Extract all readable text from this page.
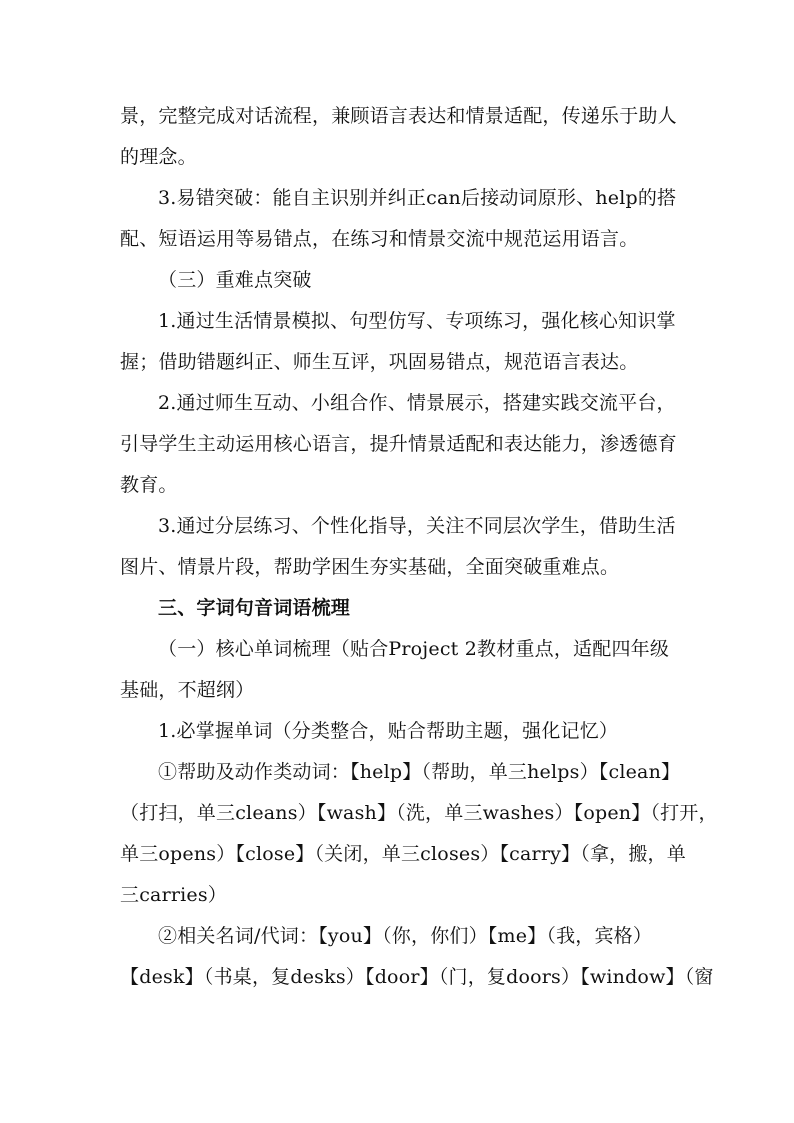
景，完整完成对话流程，兼顾语言表达和情景适配，传递乐于助人
的理念。
3.易错突破：能自主识别并纠正can后接动词原形、help的搭
配、短语运用等易错点，在练习和情景交流中规范运用语言。
（三）重难点突破
1.通过生活情景模拟、句型仿写、专项练习，强化核心知识掌
握；借助错题纠正、师生互评，巩固易错点，规范语言表达。
2.通过师生互动、小组合作、情景展示，搭建实践交流平台，
引导学生主动运用核心语言，提升情景适配和表达能力，渗透德育
教育。
3.通过分层练习、个性化指导，关注不同层次学生，借助生活
图片、情景片段，帮助学困生夯实基础，全面突破重难点。
三、字词句音词语梳理
（一）核心单词梳理（贴合Project 2教材重点，适配四年级
基础，不超纲）
1.必掌握单词（分类整合，贴合帮助主题，强化记忆）
①帮助及动作类动词：【help】（帮助，单三helps）【clean】
（打扫，单三cleans）【wash】（洗，单三washes）【open】（打开，
单三opens）【close】（关闭，单三closes）【carry】（拿，搬，单
三carries）
②相关名词/代词：【you】（你，你们）【me】（我，宾格）
【desk】（书桌，复desks）【door】（门，复doors）【window】（窗
